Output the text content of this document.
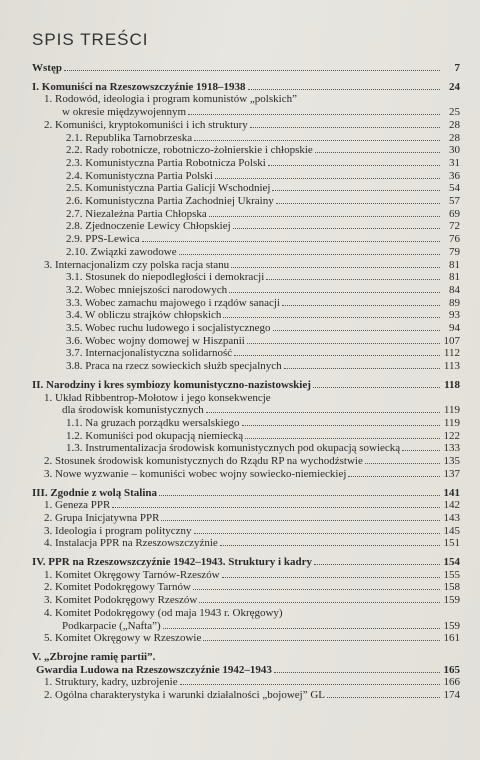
SPIS TREŚCI
Wstęp	7
I. Komuniści na Rzeszowszczyźnie 1918–1938	24
1. Rodowód, ideologia i program komunistów „polskich”
w okresie międzywojennym	25
2. Komuniści, kryptokomuniści i ich struktury	28
2.1. Republika Tarnobrzeska	28
2.2. Rady robotnicze, robotniczo-żołnierskie i chłopskie	30
2.3. Komunistyczna Partia Robotnicza Polski	31
2.4. Komunistyczna Partia Polski	36
2.5. Komunistyczna Partia Galicji Wschodniej	54
2.6. Komunistyczna Partia Zachodniej Ukrainy	57
2.7. Niezależna Partia Chłopska	69
2.8. Zjednoczenie Lewicy Chłopskiej	72
2.9. PPS-Lewica	76
2.10. Związki zawodowe	79
3. Internacjonalizm czy polska racja stanu	81
3.1. Stosunek do niepodległości i demokracji	81
3.2. Wobec mniejszości narodowych	84
3.3. Wobec zamachu majowego i rządów sanacji	89
3.4. W obliczu strajków chłopskich	93
3.5. Wobec ruchu ludowego i socjalistycznego	94
3.6. Wobec wojny domowej w Hiszpanii	107
3.7. Internacjonalistyczna solidarność	112
3.8. Praca na rzecz sowieckich służb specjalnych	113
II. Narodziny i kres symbiozy komunistyczno-nazistowskiej	118
1. Układ Ribbentrop-Mołotow i jego konsekwencje
dla środowisk komunistycznych	119
1.1. Na gruzach porządku wersalskiego	119
1.2. Komuniści pod okupacją niemiecką	122
1.3. Instrumentalizacja środowisk komunistycznych pod okupacją sowiecką	133
2. Stosunek środowisk komunistycznych do Rządu RP na wychodźstwie	135
3. Nowe wyzwanie – komuniści wobec wojny sowiecko-niemieckiej	137
III. Zgodnie z wolą Stalina	141
1. Geneza PPR	142
2. Grupa Inicjatywna PPR	143
3. Ideologia i program polityczny	145
4. Instalacja PPR na Rzeszowszczyźnie	151
IV. PPR na Rzeszowszczyźnie 1942–1943. Struktury i kadry	154
1. Komitet Okręgowy Tarnów-Rzeszów	155
2. Komitet Podokręgowy Tarnów	158
3. Komitet Podokręgowy Rzeszów	159
4. Komitet Podokręgowy (od maja 1943 r. Okręgowy)
Podkarpacie („Nafta”)	159
5. Komitet Okręgowy w Rzeszowie	161
V. „Zbrojne ramię partii”.
Gwardia Ludowa na Rzeszowszczyźnie 1942–1943	165
1. Struktury, kadry, uzbrojenie	166
2. Ogólna charakterystyka i warunki działalności „bojowej” GL	174
